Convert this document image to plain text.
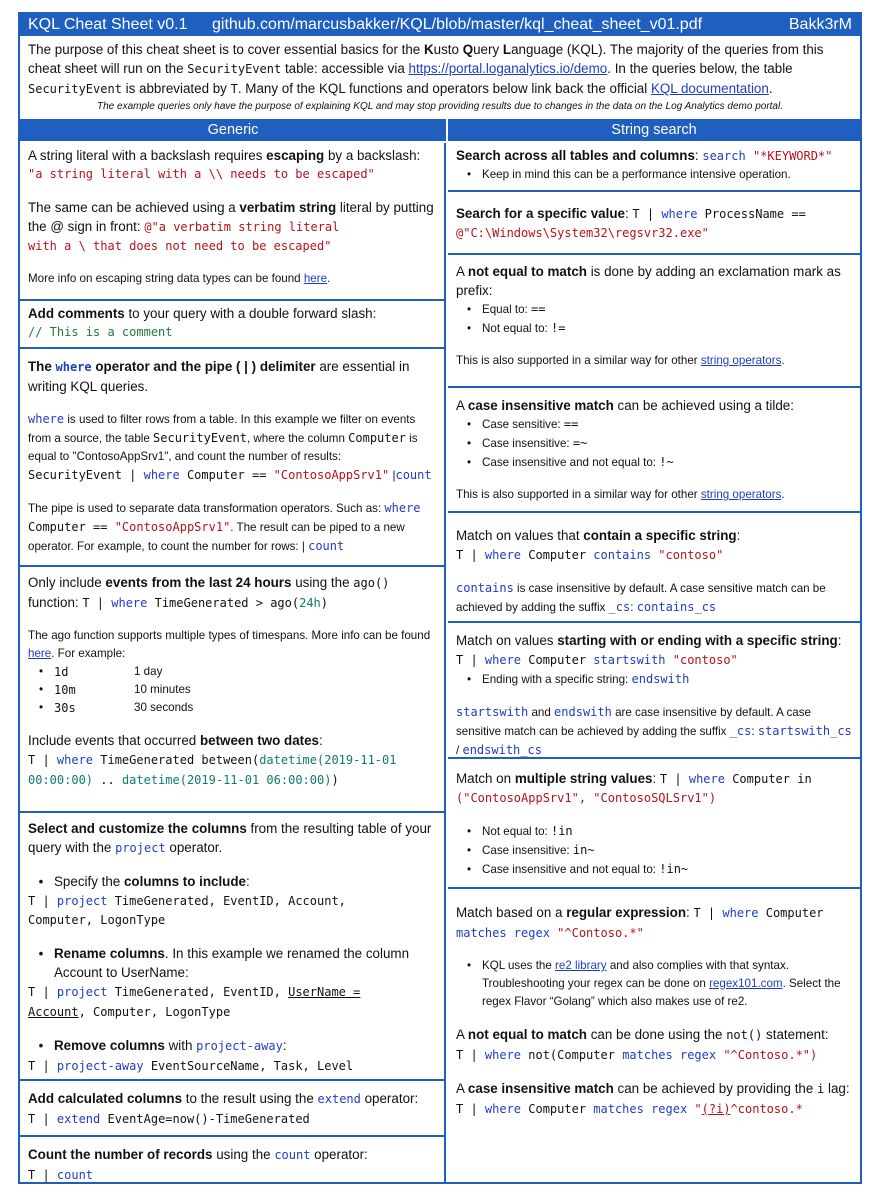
KQL Cheat Sheet v0.1	github.com/marcusbakker/KQL/blob/master/kql_cheat_sheet_v01.pdf	Bakk3rM
The purpose of this cheat sheet is to cover essential basics for the Kusto Query Language (KQL). The majority of the queries from this cheat sheet will run on the SecurityEvent table: accessible via https://portal.loganalytics.io/demo. In the queries below, the table SecurityEvent is abbreviated by T. Many of the KQL functions and operators below link back the official KQL documentation.
The example queries only have the purpose of explaining KQL and may stop providing results due to changes in the data on the Log Analytics demo portal.
Generic	String search
A string literal with a backslash requires escaping by a backslash:
"a string literal with a \\ needs to be escaped"
The same can be achieved using a verbatim string literal by putting the @ sign in front: @"a verbatim string literal
with a \ that does not need to be escaped"
More info on escaping string data types can be found here.
Add comments to your query with a double forward slash:
// This is a comment
The where operator and the pipe ( | ) delimiter are essential in writing KQL queries.
where is used to filter rows from a table. In this example we filter on events from a source, the table SecurityEvent, where the column Computer is equal to "ContosoAppSrv1", and count the number of results:
SecurityEvent | where Computer == "ContosoAppSrv1" |count
The pipe is used to separate data transformation operators. Such as: where Computer == "ContosoAppSrv1". The result can be piped to a new operator. For example, to count the number for rows: | count
Only include events from the last 24 hours using the ago()
function: T | where TimeGenerated > ago(24h)
The ago function supports multiple types of timespans. More info can be found here. For example:
• 1d	1 day
• 10m	10 minutes
• 30s	30 seconds
Include events that occurred between two dates:
T | where TimeGenerated between(datetime(2019-11-01
00:00:00) .. datetime(2019-11-01 06:00:00))
Select and customize the columns from the resulting table of your query with the project operator.
• Specify the columns to include:
T | project TimeGenerated, EventID, Account,
Computer, LogonType
• Rename columns. In this example we renamed the column
Account to UserName:
T | project TimeGenerated, EventID, UserName =
Account, Computer, LogonType
• Remove columns with project-away:
T | project-away EventSourceName, Task, Level
Add calculated columns to the result using the extend operator:
T | extend EventAge=now()-TimeGenerated
Count the number of records using the count operator:
T | count
Search across all tables and columns: search "*KEYWORD*"
• Keep in mind this can be a performance intensive operation.
Search for a specific value: T | where ProcessName ==
@"C:\Windows\System32\regsvr32.exe"
A not equal to match is done by adding an exclamation mark as prefix:
• Equal to: ==
• Not equal to: !=
This is also supported in a similar way for other string operators.
A case insensitive match can be achieved using a tilde:
• Case sensitive: ==
• Case insensitive: =~
• Case insensitive and not equal to: !~
This is also supported in a similar way for other string operators.
Match on values that contain a specific string:
T | where Computer contains "contoso"
contains is case insensitive by default. A case sensitive match can be achieved by adding the suffix _cs: contains_cs
Match on values starting with or ending with a specific string:
T | where Computer startswith "contoso"
• Ending with a specific string: endswith
startswith and endswith are case insensitive by default. A case sensitive match can be achieved by adding the suffix _cs: startswith_cs / endswith_cs
Match on multiple string values: T | where Computer in
("ContosoAppSrv1", "ContosoSQLSrv1")
• Not equal to: !in
• Case insensitive: in~
• Case insensitive and not equal to: !in~
Match based on a regular expression: T | where Computer
matches regex "^Contoso.*"
• KQL uses the re2 library and also complies with that syntax. Troubleshooting your regex can be done on regex101.com. Select the regex Flavor “Golang” which also makes use of re2.
A not equal to match can be done using the not() statement:
T | where not(Computer matches regex "^Contoso.*")
A case insensitive match can be achieved by providing the i lag:
T | where Computer matches regex "(?i)^contoso.*
